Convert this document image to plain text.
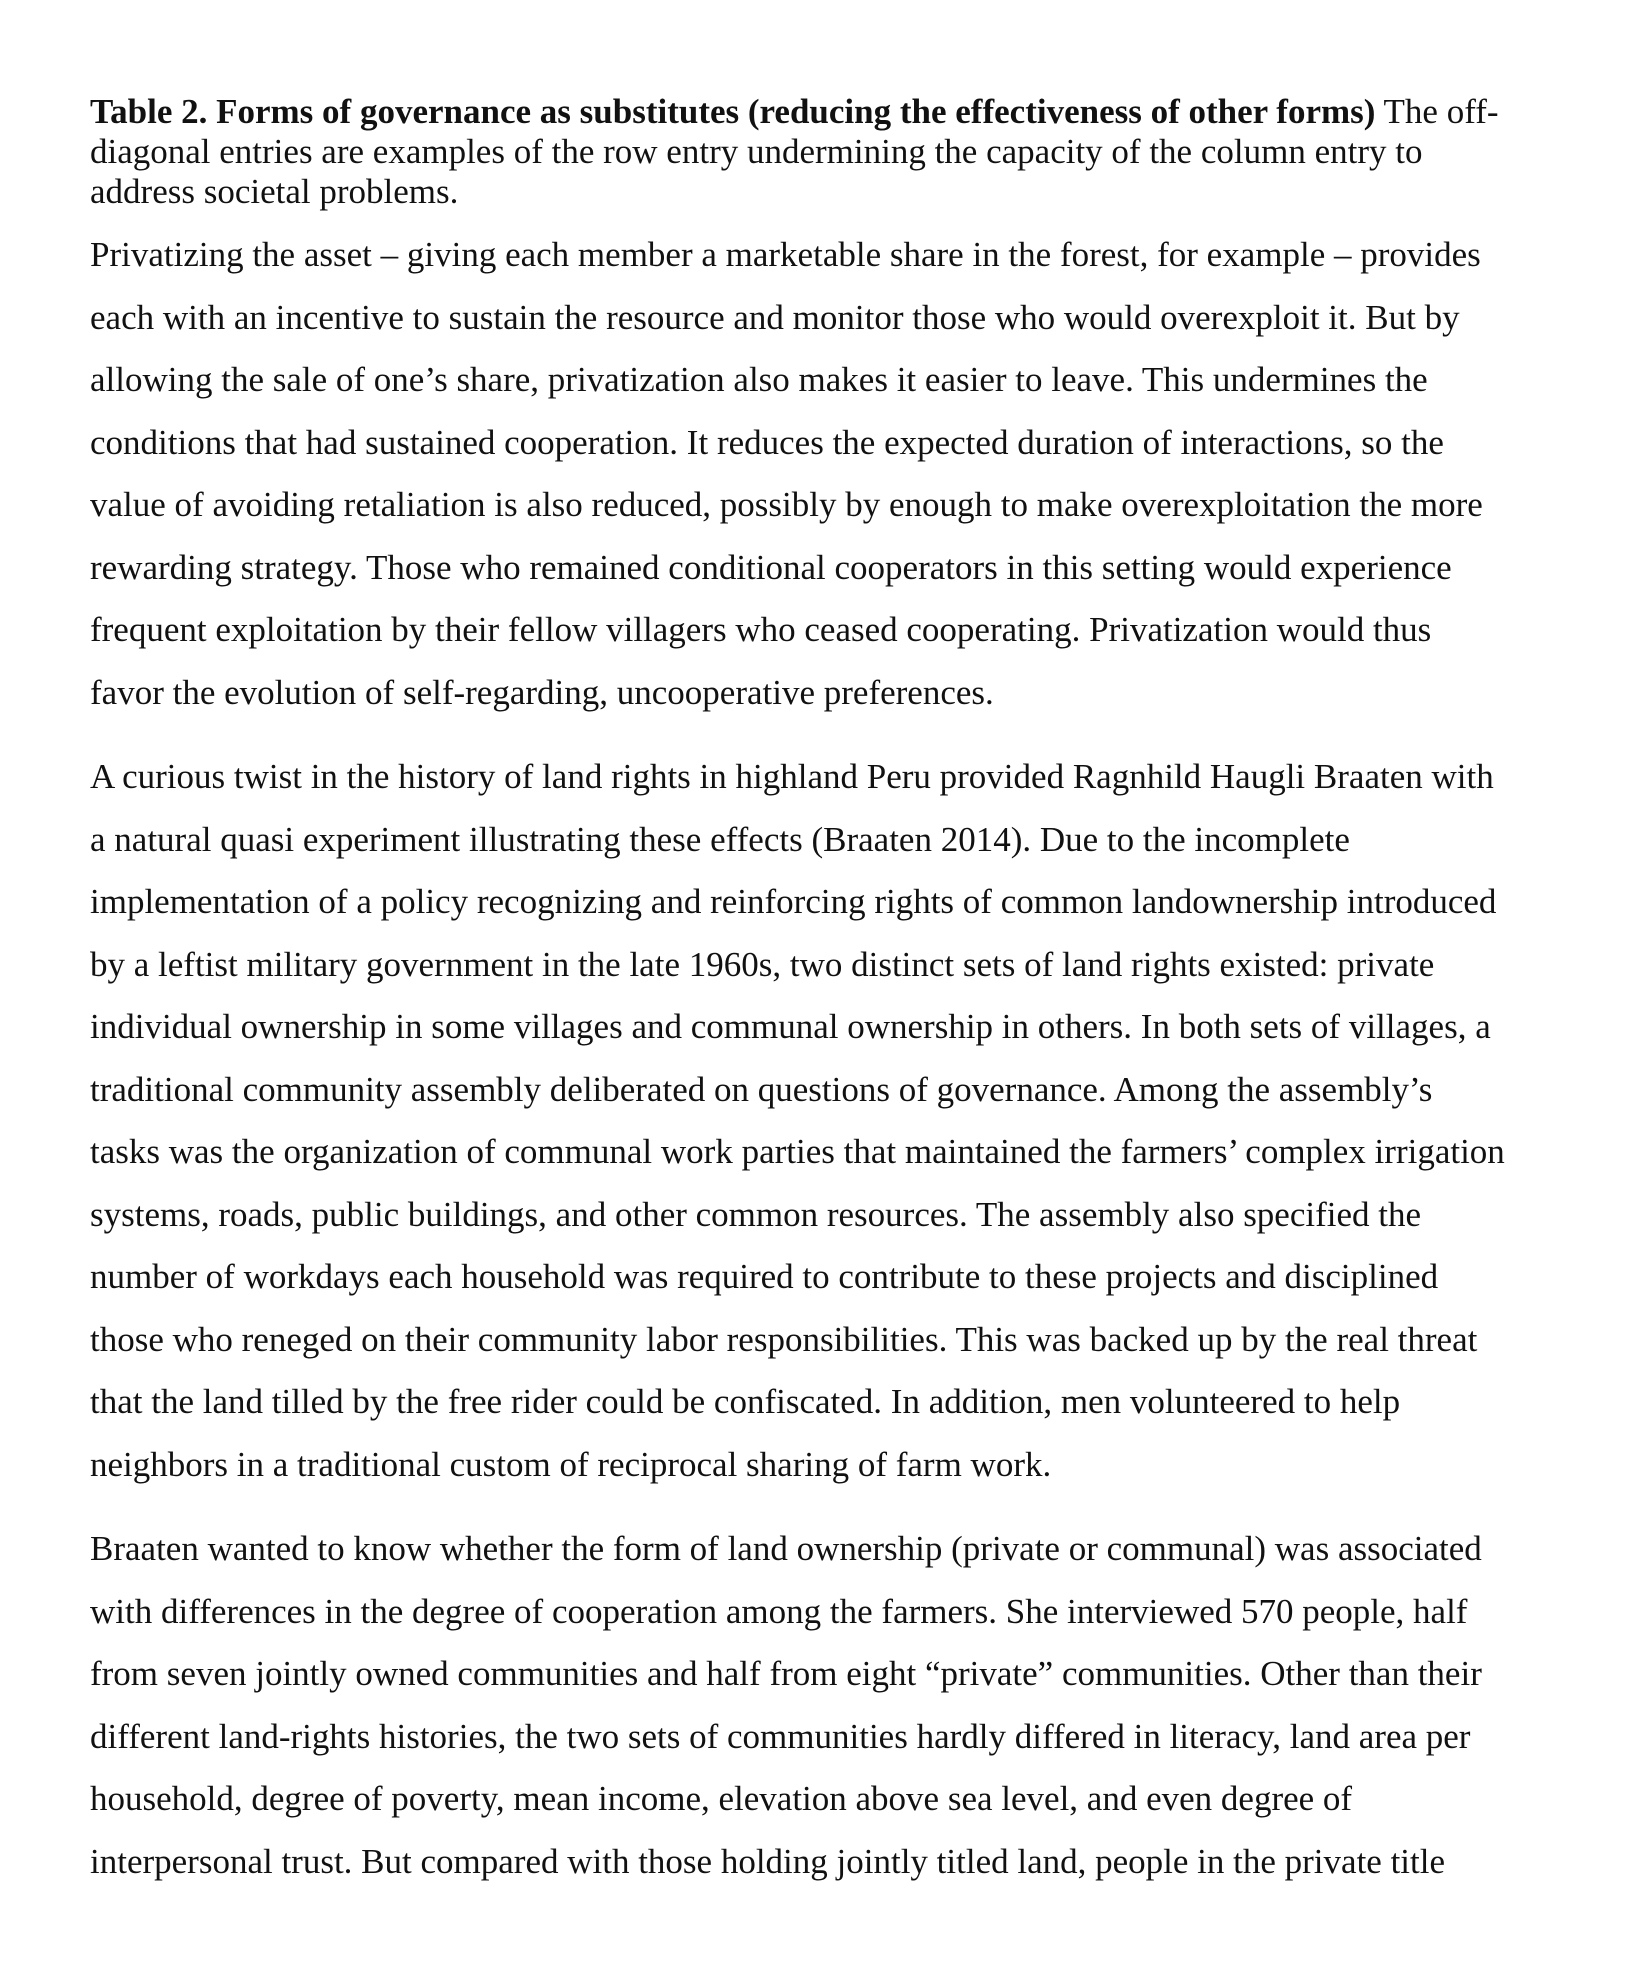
Table 2. Forms of governance as substitutes (reducing the effectiveness of other forms) The off-
diagonal entries are examples of the row entry undermining the capacity of the column entry to
address societal problems.
Privatizing the asset – giving each member a marketable share in the forest, for example – provides
each with an incentive to sustain the resource and monitor those who would overexploit it. But by
allowing the sale of one’s share, privatization also makes it easier to leave. This undermines the
conditions that had sustained cooperation. It reduces the expected duration of interactions, so the
value of avoiding retaliation is also reduced, possibly by enough to make overexploitation the more
rewarding strategy. Those who remained conditional cooperators in this setting would experience
frequent exploitation by their fellow villagers who ceased cooperating. Privatization would thus
favor the evolution of self-regarding, uncooperative preferences.
A curious twist in the history of land rights in highland Peru provided Ragnhild Haugli Braaten with
a natural quasi experiment illustrating these effects (Braaten 2014). Due to the incomplete
implementation of a policy recognizing and reinforcing rights of common landownership introduced
by a leftist military government in the late 1960s, two distinct sets of land rights existed: private
individual ownership in some villages and communal ownership in others. In both sets of villages, a
traditional community assembly deliberated on questions of governance. Among the assembly’s
tasks was the organization of communal work parties that maintained the farmers’ complex irrigation
systems, roads, public buildings, and other common resources. The assembly also specified the
number of workdays each household was required to contribute to these projects and disciplined
those who reneged on their community labor responsibilities. This was backed up by the real threat
that the land tilled by the free rider could be confiscated. In addition, men volunteered to help
neighbors in a traditional custom of reciprocal sharing of farm work.
Braaten wanted to know whether the form of land ownership (private or communal) was associated
with differences in the degree of cooperation among the farmers. She interviewed 570 people, half
from seven jointly owned communities and half from eight “private” communities. Other than their
different land-rights histories, the two sets of communities hardly differed in literacy, land area per
household, degree of poverty, mean income, elevation above sea level, and even degree of
interpersonal trust. But compared with those holding jointly titled land, people in the private title
